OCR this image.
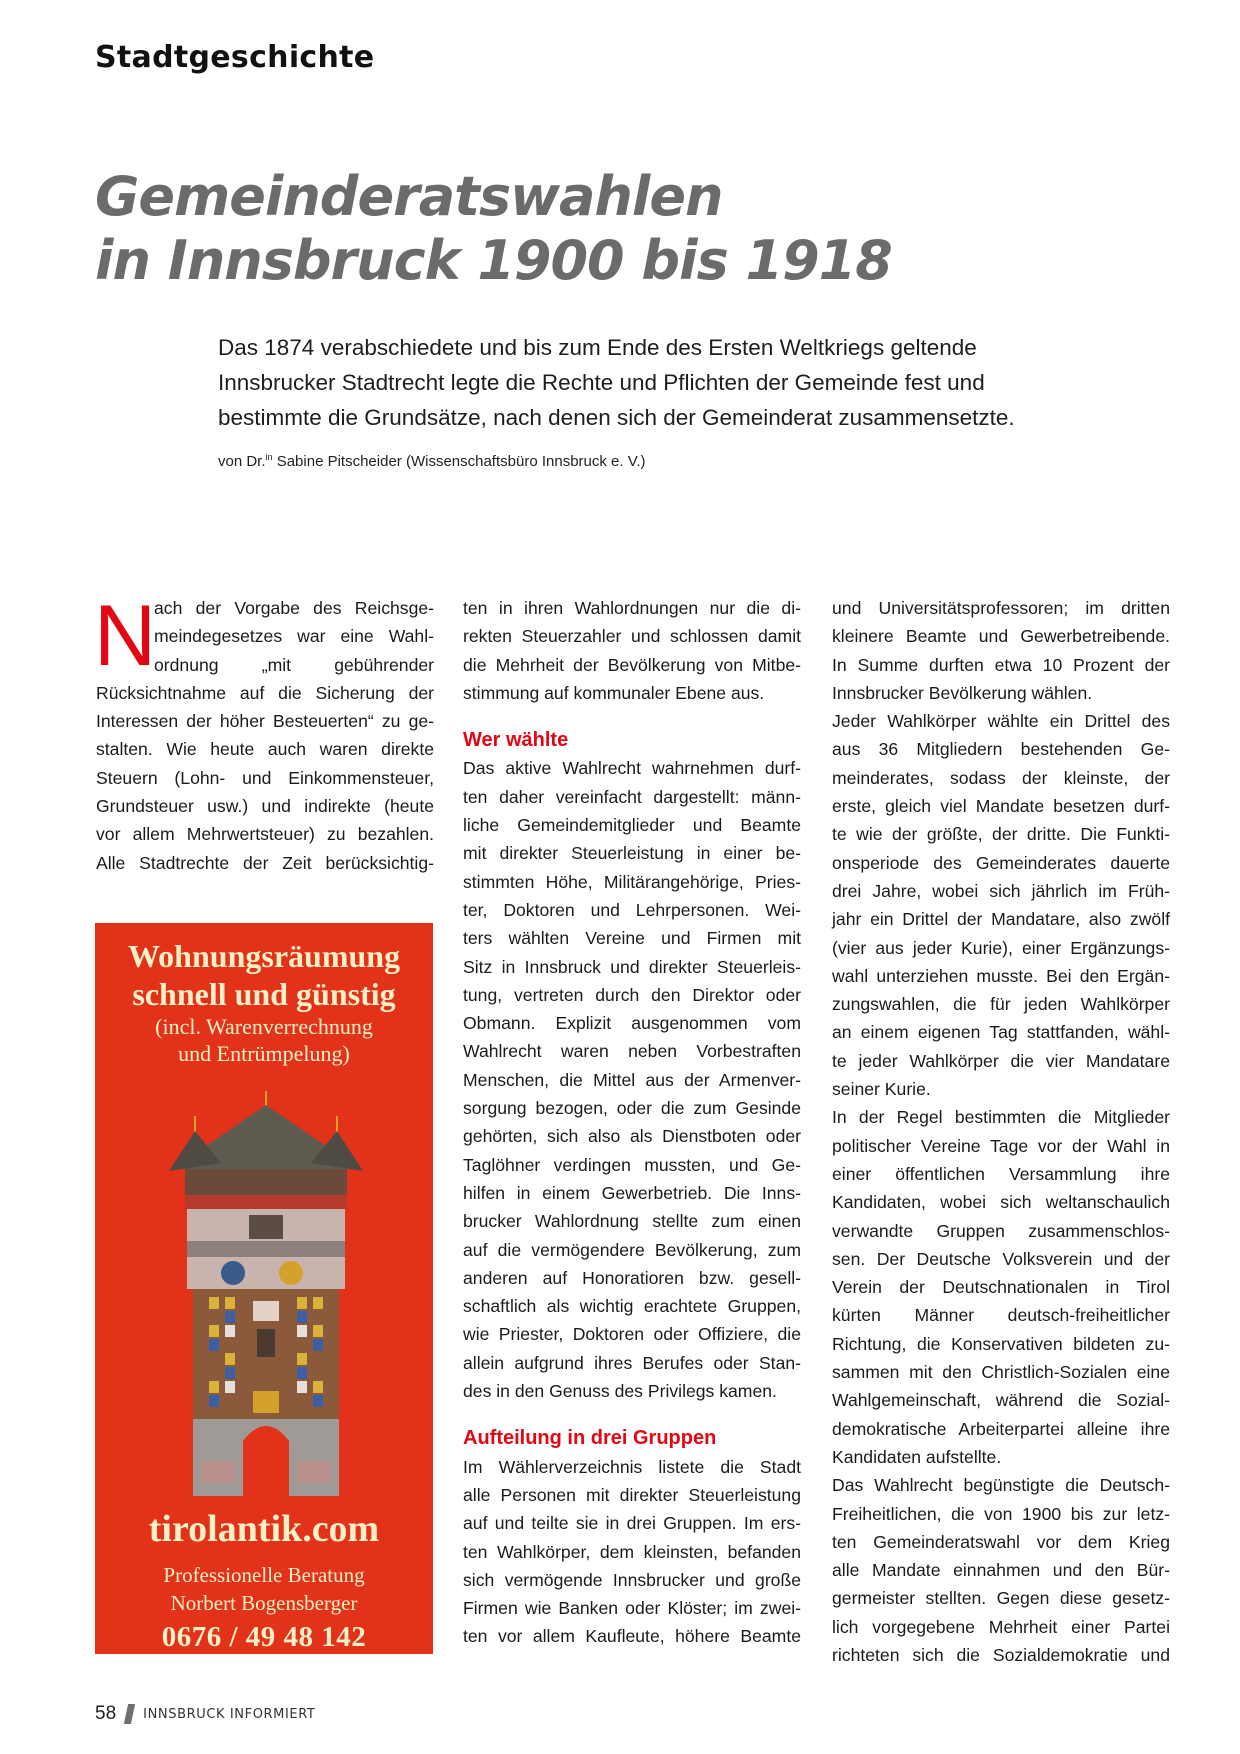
Stadtgeschichte
Gemeinderatswahlen
in Innsbruck 1900 bis 1918
Das 1874 verabschiedete und bis zum Ende des Ersten Weltkriegs geltende
Innsbrucker Stadtrecht legte die Rechte und Pflichten der Gemeinde fest und
bestimmte die Grundsätze, nach denen sich der Gemeinderat zusammensetzte.
von Dr.$^{in}$ Sabine Pitscheider (Wissenschaftsbüro Innsbruck e. V.)
N
ach der Vorgabe des Reichsge-
meindegesetzes war eine Wahl-
ordnung „mit gebührender
Rücksichtnahme auf die Sicherung der
Interessen der höher Besteuerten“ zu ge-
stalten. Wie heute auch waren direkte
Steuern (Lohn- und Einkommensteuer,
Grundsteuer usw.) und indirekte (heute
vor allem Mehrwertsteuer) zu bezahlen.
Alle Stadtrechte der Zeit berücksichtig-
Wohnungsräumung
schnell und günstig
(incl. Warenverrechnung
und Entrümpelung)
tirolantik.com
Professionelle Beratung
Norbert Bogensberger
0676 / 49 48 142
ten in ihren Wahlordnungen nur die di-
rekten Steuerzahler und schlossen damit
die Mehrheit der Bevölkerung von Mitbe-
stimmung auf kommunaler Ebene aus.
Wer wählte
Das aktive Wahlrecht wahrnehmen durf-
ten daher vereinfacht dargestellt: männ-
liche Gemeindemitglieder und Beamte
mit direkter Steuerleistung in einer be-
stimmten Höhe, Militärangehörige, Pries-
ter, Doktoren und Lehrpersonen. Wei-
ters wählten Vereine und Firmen mit
Sitz in Innsbruck und direkter Steuerleis-
tung, vertreten durch den Direktor oder
Obmann. Explizit ausgenommen vom
Wahlrecht waren neben Vorbestraften
Menschen, die Mittel aus der Armenver-
sorgung bezogen, oder die zum Gesinde
gehörten, sich also als Dienstboten oder
Taglöhner verdingen mussten, und Ge-
hilfen in einem Gewerbetrieb. Die Inns-
brucker Wahlordnung stellte zum einen
auf die vermögendere Bevölkerung, zum
anderen auf Honoratioren bzw. gesell-
schaftlich als wichtig erachtete Gruppen,
wie Priester, Doktoren oder Offiziere, die
allein aufgrund ihres Berufes oder Stan-
des in den Genuss des Privilegs kamen.
Aufteilung in drei Gruppen
Im Wählerverzeichnis listete die Stadt
alle Personen mit direkter Steuerleistung
auf und teilte sie in drei Gruppen. Im ers-
ten Wahlkörper, dem kleinsten, befanden
sich vermögende Innsbrucker und große
Firmen wie Banken oder Klöster; im zwei-
ten vor allem Kaufleute, höhere Beamte
und Universitätsprofessoren; im dritten
kleinere Beamte und Gewerbetreibende.
In Summe durften etwa 10 Prozent der
Innsbrucker Bevölkerung wählen.
Jeder Wahlkörper wählte ein Drittel des
aus 36 Mitgliedern bestehenden Ge-
meinderates, sodass der kleinste, der
erste, gleich viel Mandate besetzen durf-
te wie der größte, der dritte. Die Funkti-
onsperiode des Gemeinderates dauerte
drei Jahre, wobei sich jährlich im Früh-
jahr ein Drittel der Mandatare, also zwölf
(vier aus jeder Kurie), einer Ergänzungs-
wahl unterziehen musste. Bei den Ergän-
zungswahlen, die für jeden Wahlkörper
an einem eigenen Tag stattfanden, wähl-
te jeder Wahlkörper die vier Mandatare
seiner Kurie.
In der Regel bestimmten die Mitglieder
politischer Vereine Tage vor der Wahl in
einer öffentlichen Versammlung ihre
Kandidaten, wobei sich weltanschaulich
verwandte Gruppen zusammenschlos-
sen. Der Deutsche Volksverein und der
Verein der Deutschnationalen in Tirol
kürten Männer deutsch-freiheitlicher
Richtung, die Konservativen bildeten zu-
sammen mit den Christlich-Sozialen eine
Wahlgemeinschaft, während die Sozial-
demokratische Arbeiterpartei alleine ihre
Kandidaten aufstellte.
Das Wahlrecht begünstigte die Deutsch-
Freiheitlichen, die von 1900 bis zur letz-
ten Gemeinderatswahl vor dem Krieg
alle Mandate einnahmen und den Bür-
germeister stellten. Gegen diese gesetz-
lich vorgegebene Mehrheit einer Partei
richteten sich die Sozialdemokratie und
58 INNSBRUCK INFORMIERT
